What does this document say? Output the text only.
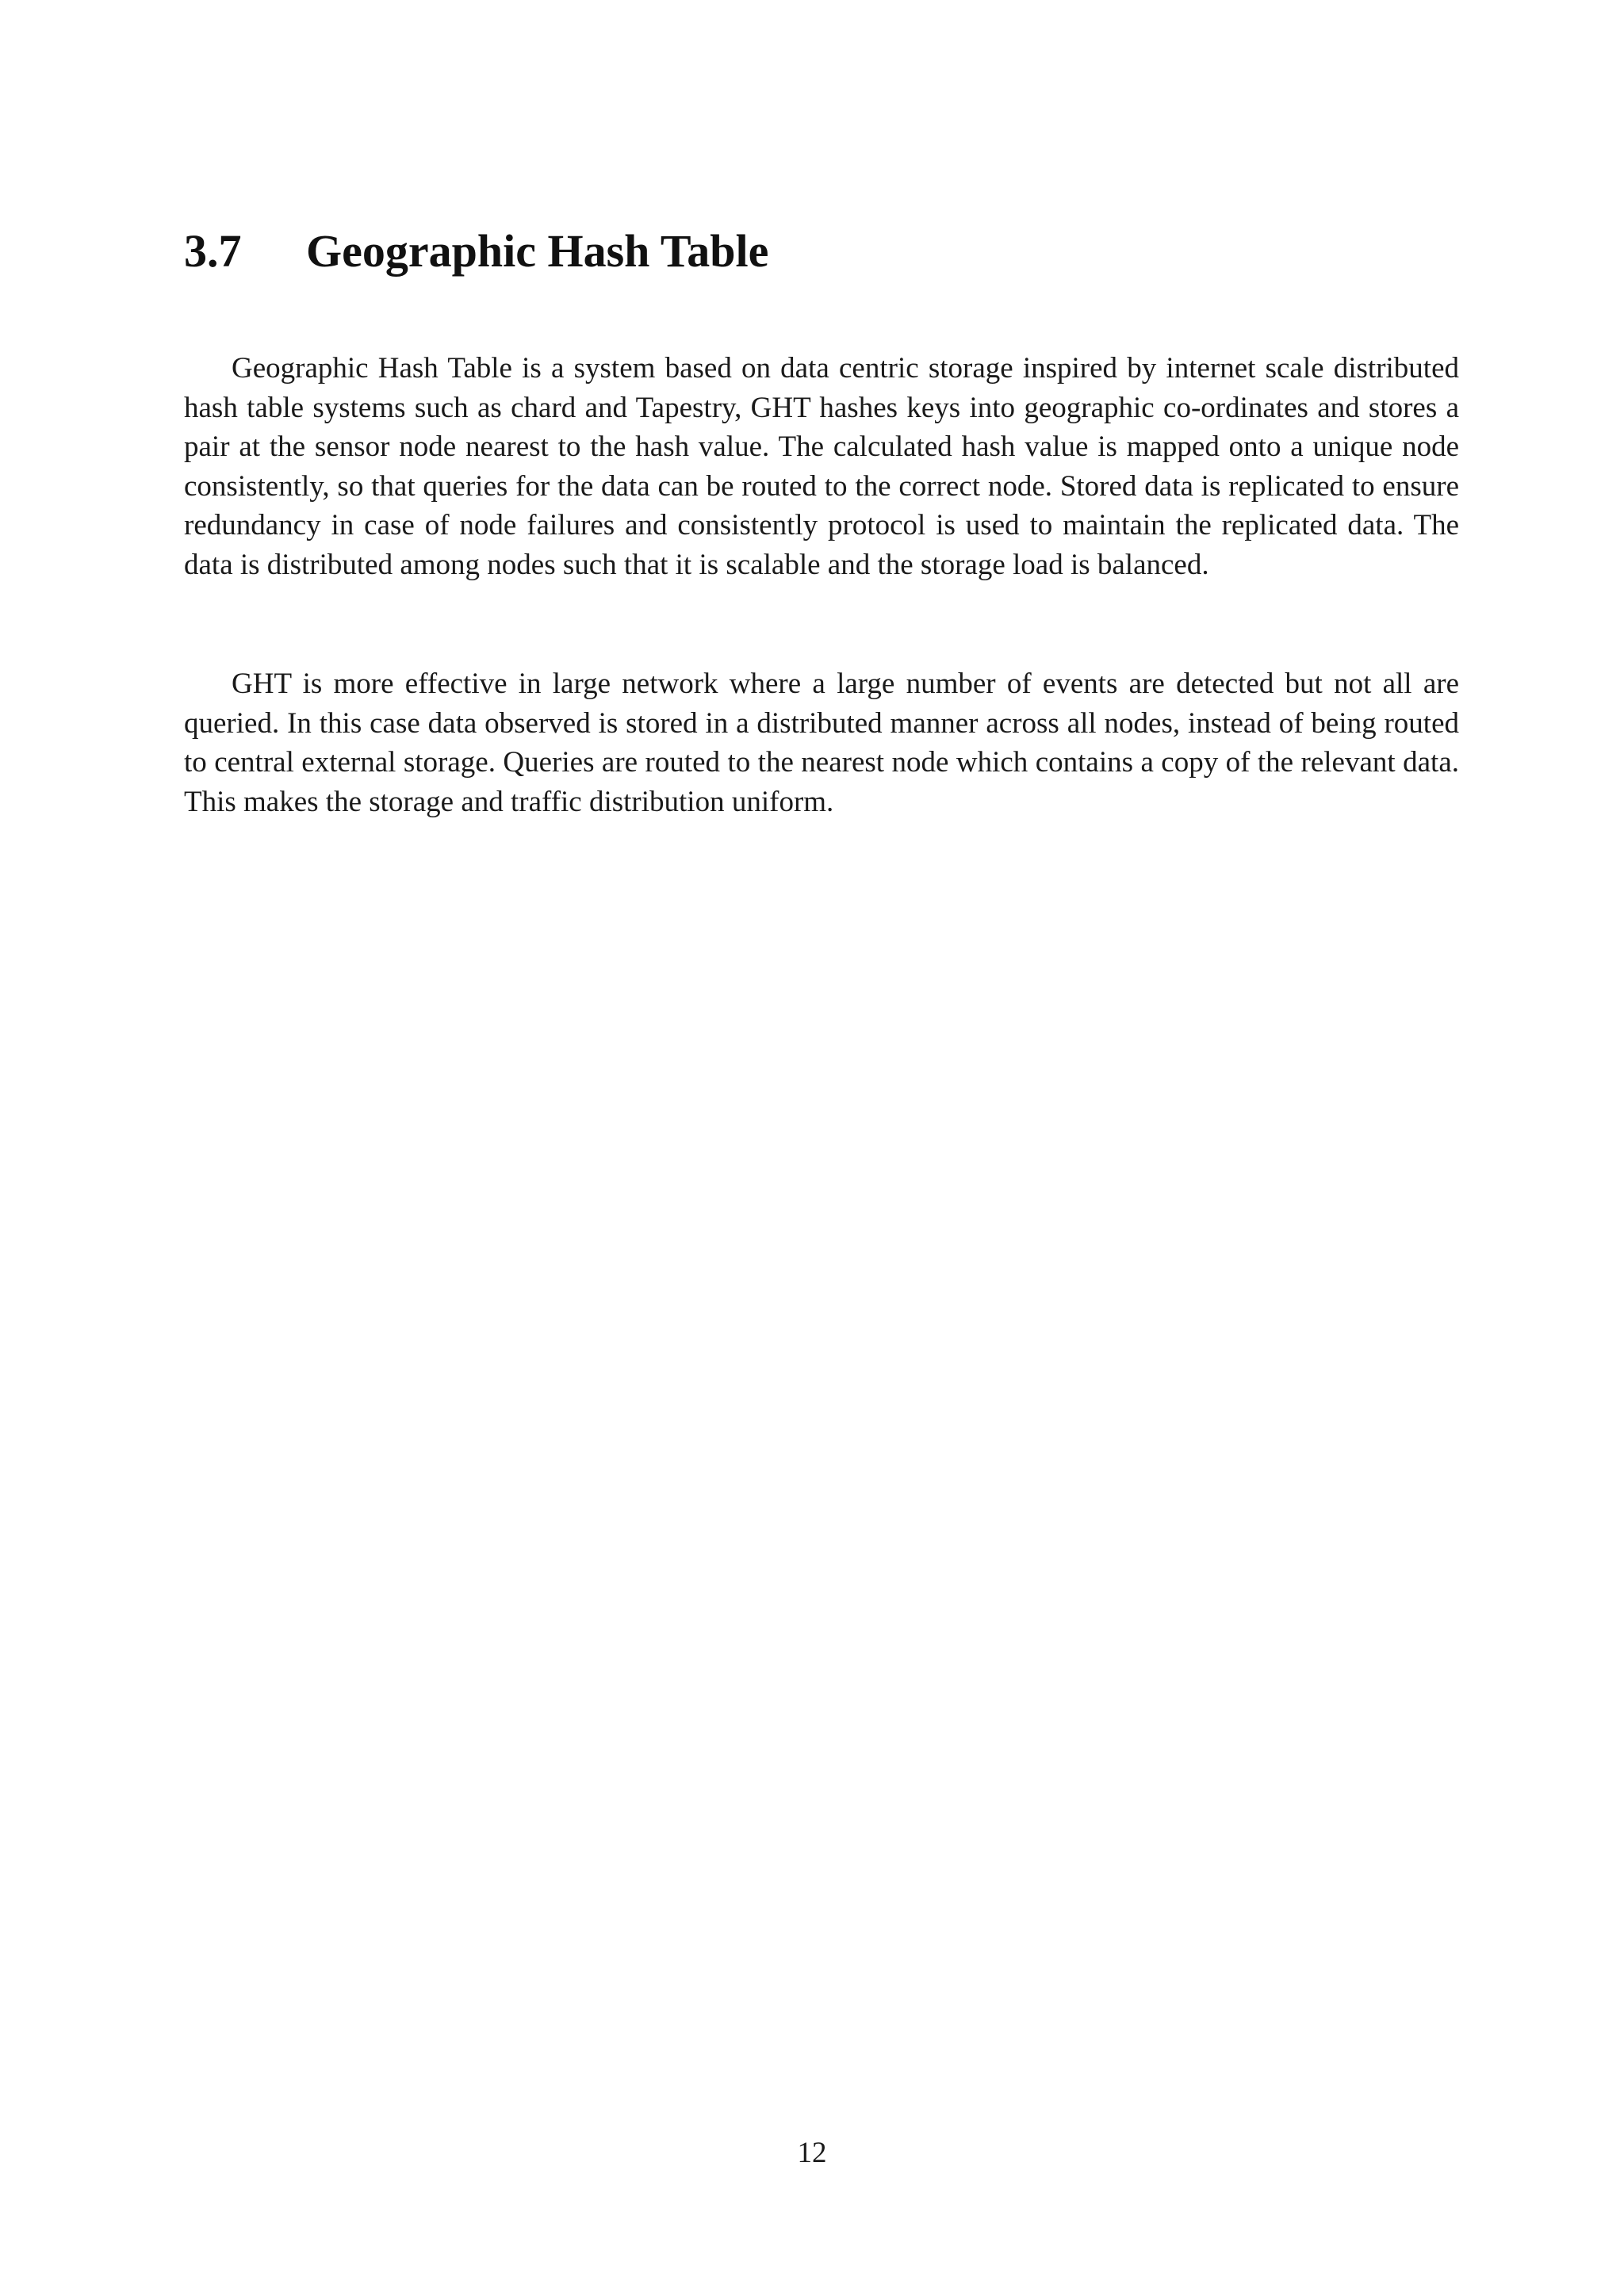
3.7 Geographic Hash Table

Geographic Hash Table is a system based on data centric storage inspired by internet scale distributed hash table systems such as chard and Tapestry, GHT hashes keys into geographic co-ordinates and stores a pair at the sensor node nearest to the hash value. The calculated hash value is mapped onto a unique node consistently, so that queries for the data can be routed to the correct node. Stored data is replicated to ensure redundancy in case of node failures and consistently protocol is used to maintain the replicated data. The data is distributed among nodes such that it is scalable and the storage load is balanced.

GHT is more effective in large network where a large number of events are detected but not all are queried. In this case data observed is stored in a distributed manner across all nodes, instead of being routed to central external storage. Queries are routed to the nearest node which contains a copy of the relevant data. This makes the storage and traffic distribution uniform.

12
